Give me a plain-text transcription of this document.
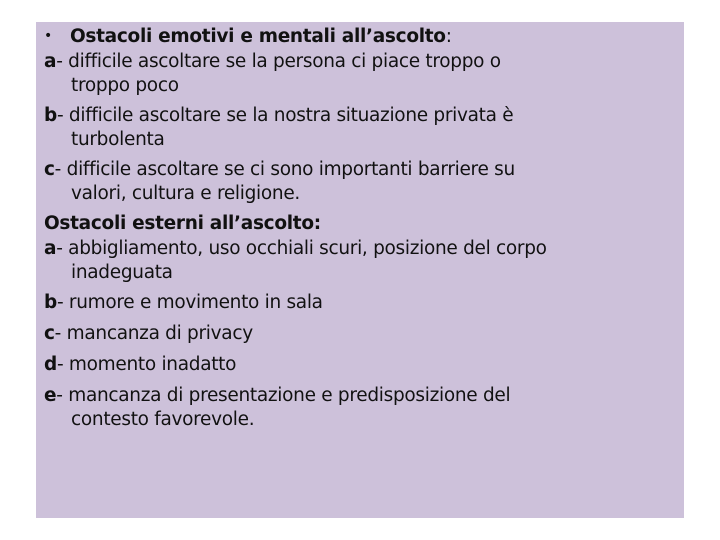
• Ostacoli emotivi e mentali all’ascolto:
a- difficile ascoltare se la persona ci piace troppo o
troppo poco
b- difficile ascoltare se la nostra situazione privata è
turbolenta
c- difficile ascoltare se ci sono importanti barriere su
valori, cultura e religione.
Ostacoli esterni all’ascolto:
a- abbigliamento, uso occhiali scuri, posizione del corpo
inadeguata
b- rumore e movimento in sala
c- mancanza di privacy
d- momento inadatto
e- mancanza di presentazione e predisposizione del
contesto favorevole.
